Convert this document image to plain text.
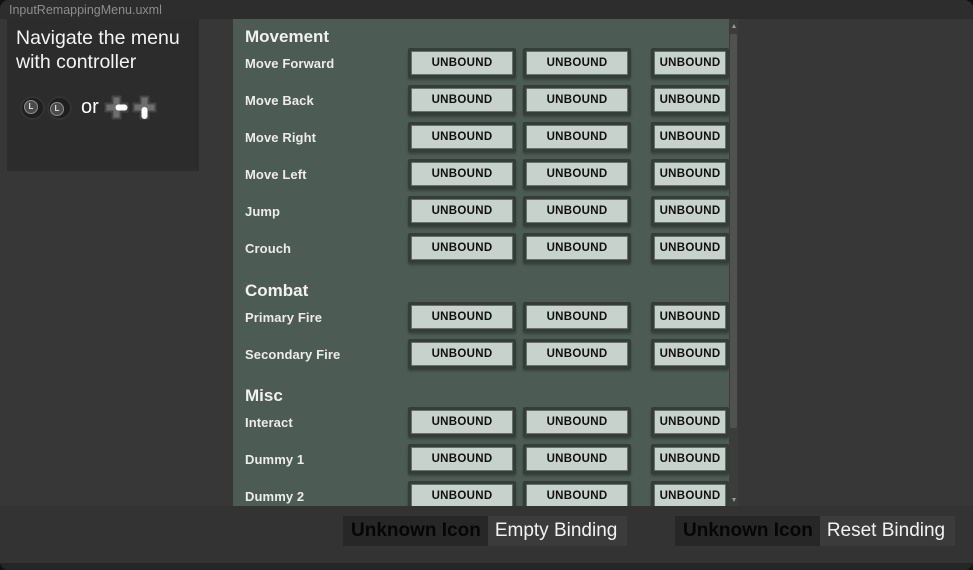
InputRemappingMenu.uxml
Navigate the menu with controller
L	L or
Movement
Move Forward	UNBOUND	UNBOUND	UNBOUND
Move Back	UNBOUND	UNBOUND	UNBOUND
Move Right	UNBOUND	UNBOUND	UNBOUND
Move Left	UNBOUND	UNBOUND	UNBOUND
Jump	UNBOUND	UNBOUND	UNBOUND
Crouch	UNBOUND	UNBOUND	UNBOUND
Combat
Primary Fire	UNBOUND	UNBOUND	UNBOUND
Secondary Fire	UNBOUND	UNBOUND	UNBOUND
Misc
Interact	UNBOUND	UNBOUND	UNBOUND
Dummy 1	UNBOUND	UNBOUND	UNBOUND
Dummy 2	UNBOUND	UNBOUND	UNBOUND
Unknown Icon Empty Binding	Unknown Icon Reset Binding
